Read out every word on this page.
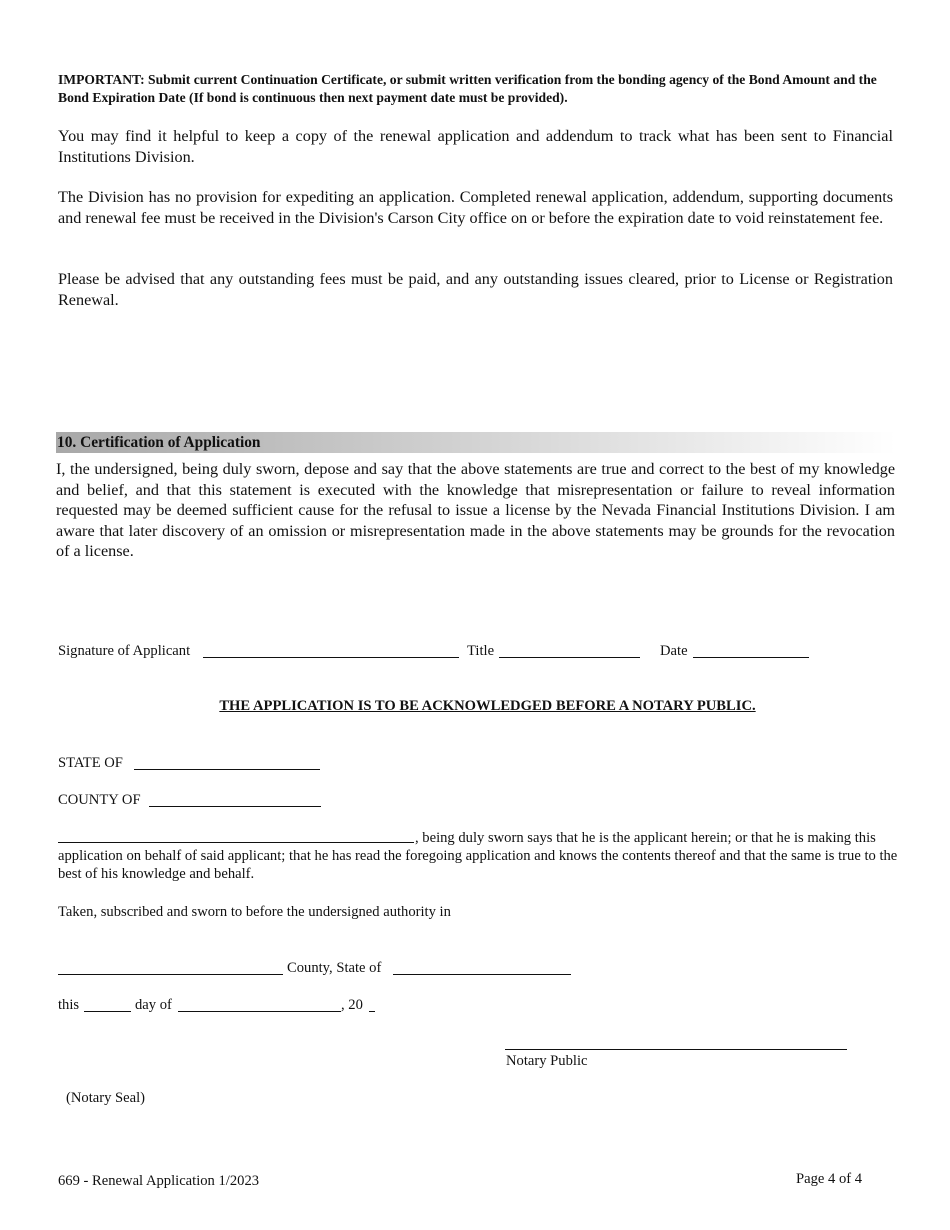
IMPORTANT: Submit current Continuation Certificate, or submit written verification from the bonding agency of the Bond Amount and the Bond Expiration Date (If bond is continuous then next payment date must be provided).
You may find it helpful to keep a copy of the renewal application and addendum to track what has been sent to Financial Institutions Division.
The Division has no provision for expediting an application. Completed renewal application, addendum, supporting documents and renewal fee must be received in the Division's Carson City office on or before the expiration date to void reinstatement fee.
Please be advised that any outstanding fees must be paid, and any outstanding issues cleared, prior to License or Registration Renewal.
10. Certification of Application
I, the undersigned, being duly sworn, depose and say that the above statements are true and correct to the best of my knowledge and belief, and that this statement is executed with the knowledge that misrepresentation or failure to reveal information requested may be deemed sufficient cause for the refusal to issue a license by the Nevada Financial Institutions Division. I am aware that later discovery of an omission or misrepresentation made in the above statements may be grounds for the revocation of a license.
Signature of Applicant	Title	Date
THE APPLICATION IS TO BE ACKNOWLEDGED BEFORE A NOTARY PUBLIC.
STATE OF
COUNTY OF
, being duly sworn says that he is the applicant herein; or that he is making this application on behalf of said applicant; that he has read the foregoing application and knows the contents thereof and that the same is true to the best of his knowledge and behalf.
Taken, subscribed and sworn to before the undersigned authority in
County, State of
this	day of	, 20
Notary Public
(Notary Seal)
669 - Renewal Application 1/2023	Page 4 of 4
